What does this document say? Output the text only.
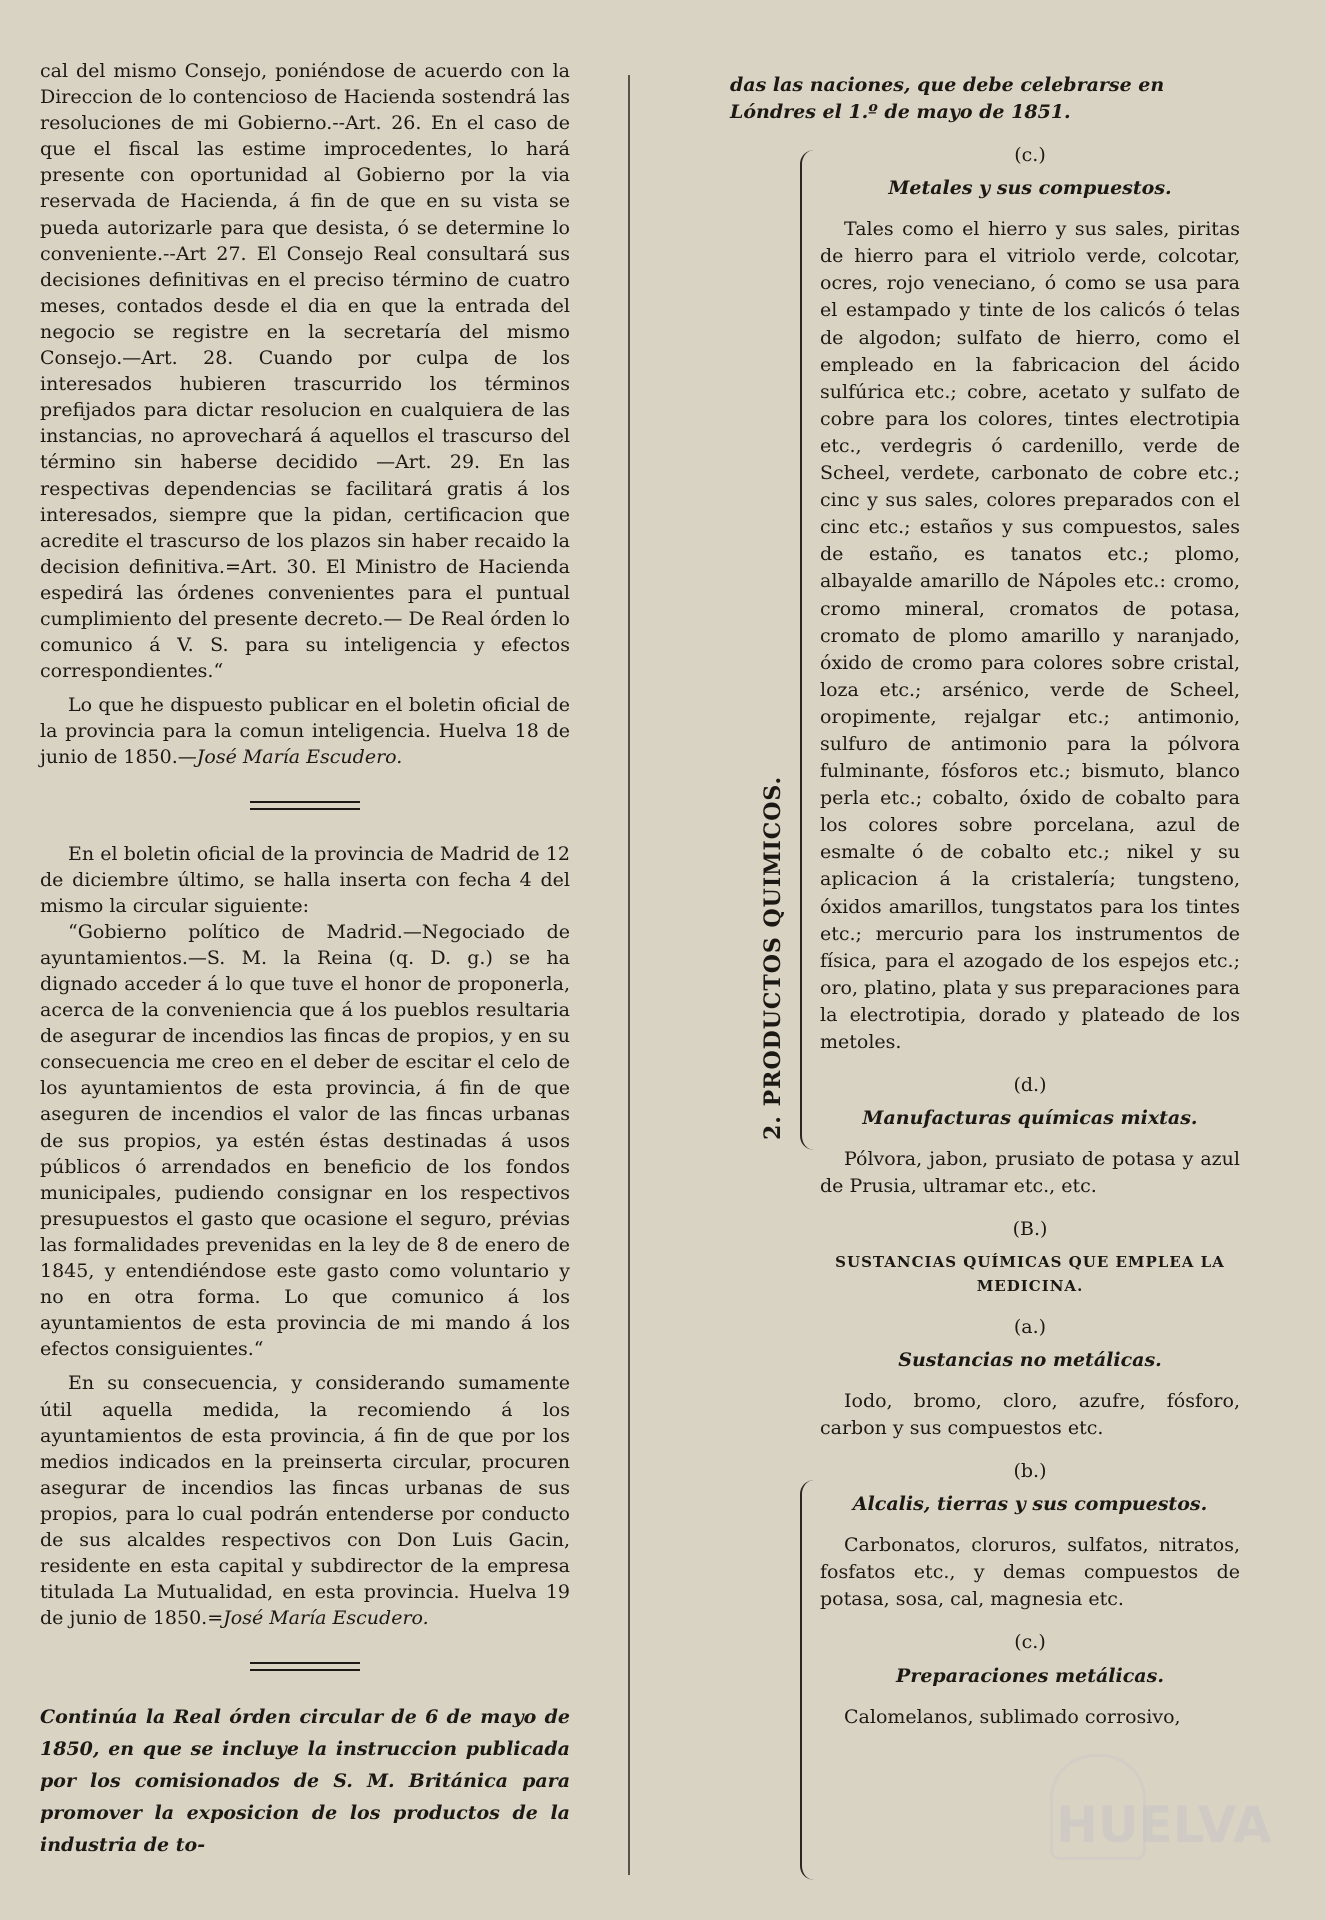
cal del mismo Consejo, poniéndose de acuerdo con la Direccion de lo contencioso de Hacienda sostendrá las resoluciones de mi Gobierno.--Art. 26. En el caso de que el fiscal las estime improcedentes, lo hará presente con oportunidad al Gobierno por la via reservada de Hacienda, á fin de que en su vista se pueda autorizarle para que desista, ó se determine lo conveniente.--Art 27. El Consejo Real consultará sus decisiones definitivas en el preciso término de cuatro meses, contados desde el dia en que la entrada del negocio se registre en la secretaría del mismo Consejo.—Art. 28. Cuando por culpa de los interesados hubieren trascurrido los términos prefijados para dictar resolucion en cualquiera de las instancias, no aprovechará á aquellos el trascurso del término sin haberse decidido —Art. 29. En las respectivas dependencias se facilitará gratis á los interesados, siempre que la pidan, certificacion que acredite el trascurso de los plazos sin haber recaido la decision definitiva.=Art. 30. El Ministro de Hacienda espedirá las órdenes convenientes para el puntual cumplimiento del presente decreto.— De Real órden lo comunico á V. S. para su inteligencia y efectos correspondientes.“

Lo que he dispuesto publicar en el boletin oficial de la provincia para la comun inteligencia. Huelva 18 de junio de 1850.—José María Escudero.

En el boletin oficial de la provincia de Madrid de 12 de diciembre último, se halla inserta con fecha 4 del mismo la circular siguiente:

“Gobierno político de Madrid.—Negociado de ayuntamientos.—S. M. la Reina (q. D. g.) se ha dignado acceder á lo que tuve el honor de proponerla, acerca de la conveniencia que á los pueblos resultaria de asegurar de incendios las fincas de propios, y en su consecuencia me creo en el deber de escitar el celo de los ayuntamientos de esta provincia, á fin de que aseguren de incendios el valor de las fincas urbanas de sus propios, ya estén éstas destinadas á usos públicos ó arrendados en beneficio de los fondos municipales, pudiendo consignar en los respectivos presupuestos el gasto que ocasione el seguro, prévias las formalidades prevenidas en la ley de 8 de enero de 1845, y entendiéndose este gasto como voluntario y no en otra forma. Lo que comunico á los ayuntamientos de esta provincia de mi mando á los efectos consiguientes.“

En su consecuencia, y considerando sumamente útil aquella medida, la recomiendo á los ayuntamientos de esta provincia, á fin de que por los medios indicados en la preinserta circular, procuren asegurar de incendios las fincas urbanas de sus propios, para lo cual podrán entenderse por conducto de sus alcaldes respectivos con Don Luis Gacin, residente en esta capital y subdirector de la empresa titulada La Mutualidad, en esta provincia. Huelva 19 de junio de 1850.=José María Escudero.

Continúa la Real órden circular de 6 de mayo de 1850, en que se incluye la instruccion publicada por los comisionados de S. M. Británica para promover la exposicion de los productos de la industria de to-

2. PRODUCTOS QUIMICOS.
das las naciones, que debe celebrarse en Lóndres el 1.º de mayo de 1851.
(c.)
Metales y sus compuestos.

Tales como el hierro y sus sales, piritas de hierro para el vitriolo verde, colcotar, ocres, rojo veneciano, ó como se usa para el estampado y tinte de los calicós ó telas de algodon; sulfato de hierro, como el empleado en la fabricacion del ácido sulfúrica etc.; cobre, acetato y sulfato de cobre para los colores, tintes electrotipia etc., verdegris ó cardenillo, verde de Scheel, verdete, carbonato de cobre etc.; cinc y sus sales, colores preparados con el cinc etc.; estaños y sus compuestos, sales de estaño, es tanatos etc.; plomo, albayalde amarillo de Nápoles etc.: cromo, cromo mineral, cromatos de potasa, cromato de plomo amarillo y naranjado, óxido de cromo para colores sobre cristal, loza etc.; arsénico, verde de Scheel, oropimente, rejalgar etc.; antimonio, sulfuro de antimonio para la pólvora fulminante, fósforos etc.; bismuto, blanco perla etc.; cobalto, óxido de cobalto para los colores sobre porcelana, azul de esmalte ó de cobalto etc.; nikel y su aplicacion á la cristalería; tungsteno, óxidos amarillos, tungstatos para los tintes etc.; mercurio para los instrumentos de física, para el azogado de los espejos etc.; oro, platino, plata y sus preparaciones para la electrotipia, dorado y plateado de los metoles.

(d.)
Manufacturas químicas mixtas.

Pólvora, jabon, prusiato de potasa y azul de Prusia, ultramar etc., etc.

(B.)
SUSTANCIAS QUÍMICAS QUE EMPLEA LA MEDICINA.
(a.)
Sustancias no metálicas.

Iodo, bromo, cloro, azufre, fósforo, carbon y sus compuestos etc.

(b.)
Alcalis, tierras y sus compuestos.

Carbonatos, cloruros, sulfatos, nitratos, fosfatos etc., y demas compuestos de potasa, sosa, cal, magnesia etc.

(c.)
Preparaciones metálicas.

Calomelanos, sublimado corrosivo,

HUELVA
